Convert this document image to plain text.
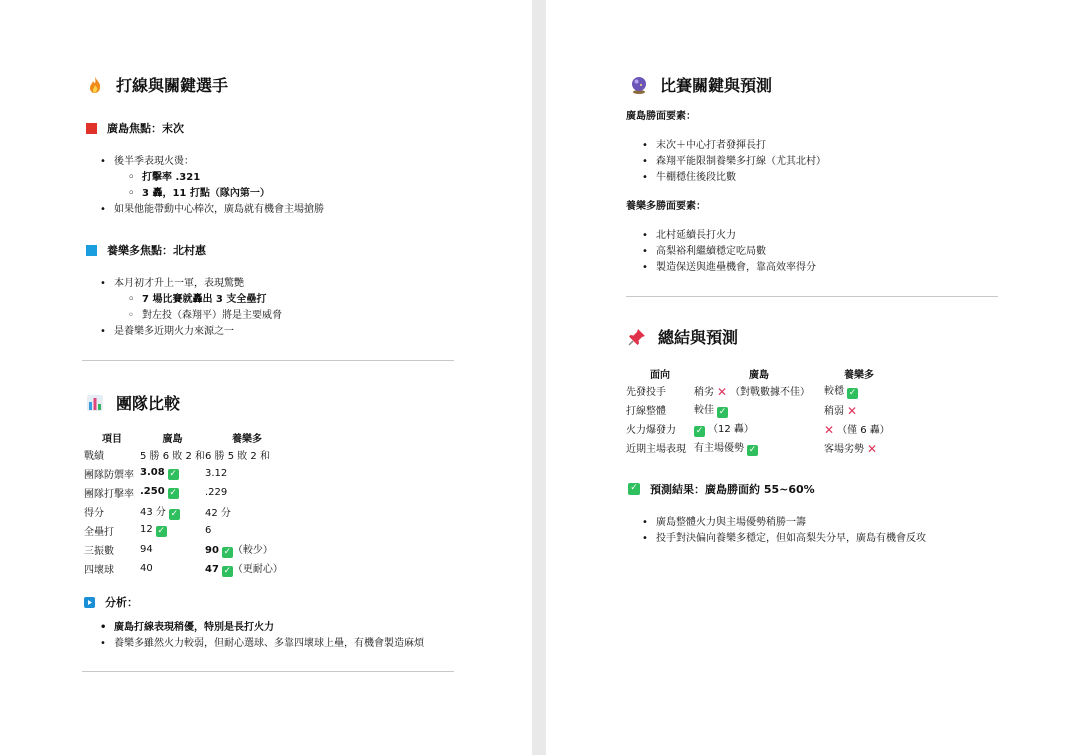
打線與關鍵選手
廣島焦點：末次
• 後半季表現火燙：
◦ 打擊率 .321
◦ 3 轟，11 打點（隊內第一）
• 如果他能帶動中心棒次，廣島就有機會主場搶勝
養樂多焦點：北村惠
• 本月初才升上一軍，表現驚艷
◦ 7 場比賽就轟出 3 支全壘打
◦ 對左投（森翔平）將是主要威脅
• 是養樂多近期火力來源之一
團隊比較
項目	廣島	養樂多
戰績	5 勝 6 敗 2 和	6 勝 5 敗 2 和
團隊防禦率	3.08 ✓	3.12
團隊打擊率	.250 ✓	.229
得分	43 分 ✓	42 分
全壘打	12 ✓	6
三振數	94	90 ✓ （較少）
四壞球	40	47 ✓ （更耐心）
分析：
• 廣島打線表現稍優，特別是長打火力
• 養樂多雖然火力較弱，但耐心選球、多靠四壞球上壘，有機會製造麻煩
比賽關鍵與預測
廣島勝面要素：
• 末次＋中心打者發揮長打
• 森翔平能限制養樂多打線（尤其北村）
• 牛棚穩住後段比數
養樂多勝面要素：
• 北村延續長打火力
• 高梨裕利繼續穩定吃局數
• 製造保送與進壘機會，靠高效率得分
總結與預測
面向	廣島	養樂多
先發投手	稍劣 ✕ （對戰數據不佳）	較穩 ✓
打線整體	較佳 ✓	稍弱 ✕
火力爆發力	✓ （12 轟）	✕ （僅 6 轟）
近期主場表現	有主場優勢 ✓	客場劣勢 ✕
✓ 預測結果：廣島勝面約 55~60%
• 廣島整體火力與主場優勢稍勝一籌
• 投手對決偏向養樂多穩定，但如高梨失分早，廣島有機會反攻
